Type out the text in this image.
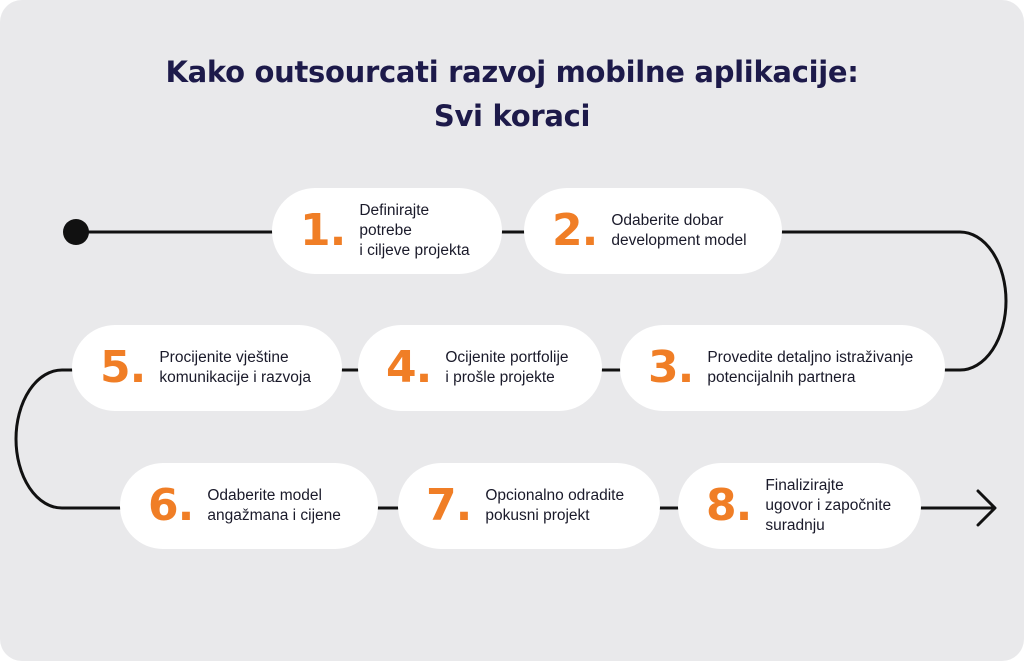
Kako outsourcati razvoj mobilne aplikacije:
Svi koraci
1. Definirajte potrebe
i ciljeve projekta 2. Odaberite dobar
development model
3. Provedite detaljno istraživanje
potencijalnih partnera
4. Ocijenite portfolije
i prošle projekte
5. Procijenite vještine
komunikacije i razvoja
6. Odaberite model
angažmana i cijene 7. Opcionalno odradite
pokusni projekt	8. Finalizirajte
ugovor i započnite
suradnju
